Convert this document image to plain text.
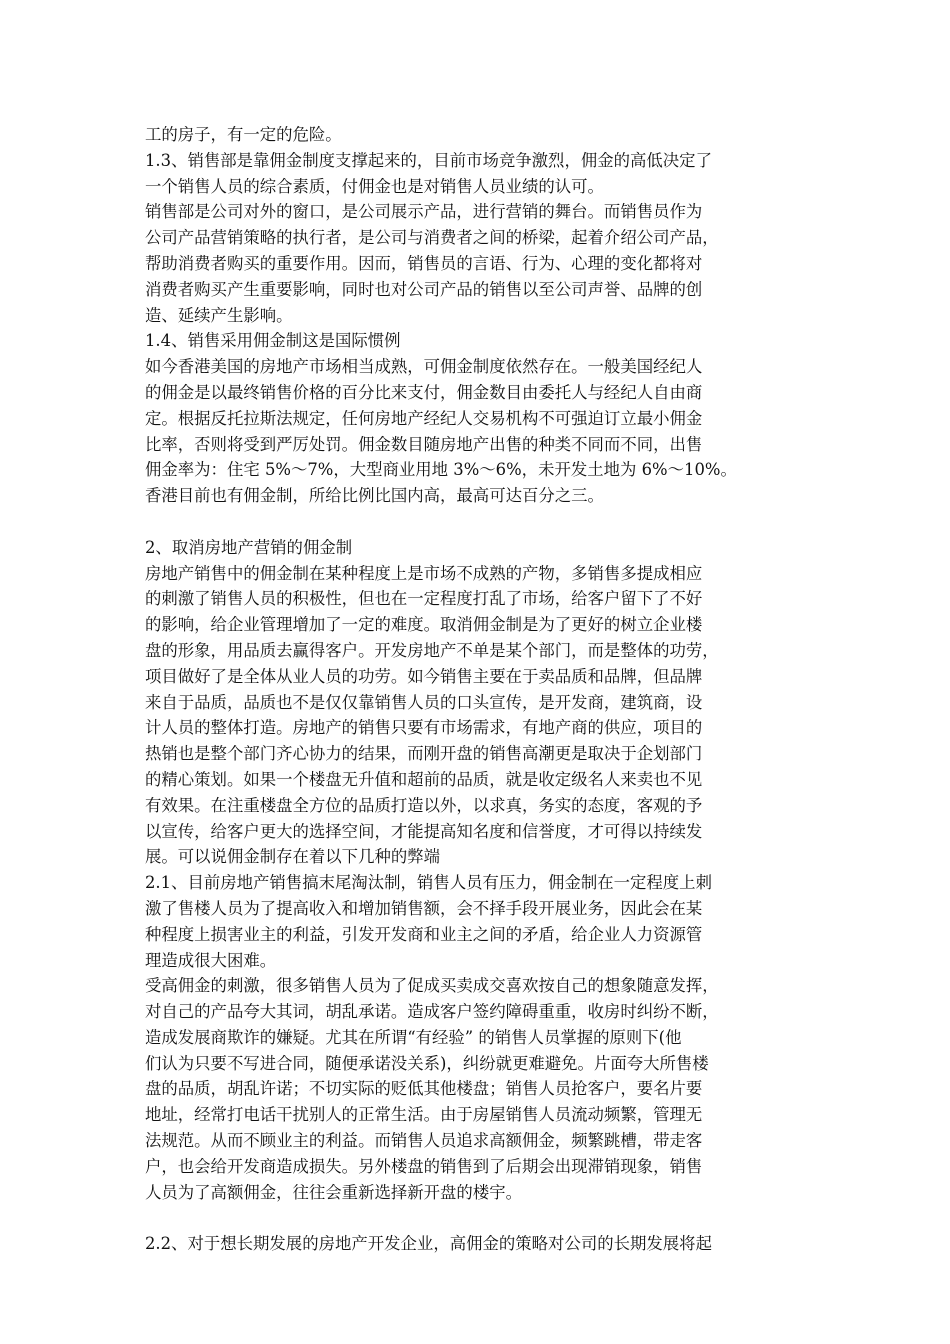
工的房子，有一定的危险。
1.3、销售部是靠佣金制度支撑起来的，目前市场竞争激烈，佣金的高低决定了
一个销售人员的综合素质，付佣金也是对销售人员业绩的认可。
销售部是公司对外的窗口，是公司展示产品，进行营销的舞台。而销售员作为
公司产品营销策略的执行者，是公司与消费者之间的桥梁，起着介绍公司产品，
帮助消费者购买的重要作用。因而，销售员的言语、行为、心理的变化都将对
消费者购买产生重要影响，同时也对公司产品的销售以至公司声誉、品牌的创
造、延续产生影响。
1.4、销售采用佣金制这是国际惯例
如今香港美国的房地产市场相当成熟，可佣金制度依然存在。一般美国经纪人
的佣金是以最终销售价格的百分比来支付，佣金数目由委托人与经纪人自由商
定。根据反托拉斯法规定，任何房地产经纪人交易机构不可强迫订立最小佣金
比率，否则将受到严厉处罚。佣金数目随房地产出售的种类不同而不同，出售
佣金率为：住宅 5%～7%，大型商业用地 3%～6%，未开发土地为 6%～10%。
香港目前也有佣金制，所给比例比国内高，最高可达百分之三。
2、取消房地产营销的佣金制
房地产销售中的佣金制在某种程度上是市场不成熟的产物，多销售多提成相应
的刺激了销售人员的积极性，但也在一定程度打乱了市场，给客户留下了不好
的影响，给企业管理增加了一定的难度。取消佣金制是为了更好的树立企业楼
盘的形象，用品质去赢得客户。开发房地产不单是某个部门，而是整体的功劳，
项目做好了是全体从业人员的功劳。如今销售主要在于卖品质和品牌，但品牌
来自于品质，品质也不是仅仅靠销售人员的口头宣传，是开发商，建筑商，设
计人员的整体打造。房地产的销售只要有市场需求，有地产商的供应，项目的
热销也是整个部门齐心协力的结果，而刚开盘的销售高潮更是取决于企划部门
的精心策划。如果一个楼盘无升值和超前的品质，就是收定级名人来卖也不见
有效果。在注重楼盘全方位的品质打造以外，以求真，务实的态度，客观的予
以宣传，给客户更大的选择空间，才能提高知名度和信誉度，才可得以持续发
展。可以说佣金制存在着以下几种的弊端
2.1、目前房地产销售搞末尾淘汰制，销售人员有压力，佣金制在一定程度上刺
激了售楼人员为了提高收入和增加销售额，会不择手段开展业务，因此会在某
种程度上损害业主的利益，引发开发商和业主之间的矛盾，给企业人力资源管
理造成很大困难。
受高佣金的刺激，很多销售人员为了促成买卖成交喜欢按自己的想象随意发挥，
对自己的产品夸大其词，胡乱承诺。造成客户签约障碍重重，收房时纠纷不断，
造成发展商欺诈的嫌疑。尤其在所谓“有经验” 的销售人员掌握的原则下(他
们认为只要不写进合同，随便承诺没关系)，纠纷就更难避免。片面夸大所售楼
盘的品质，胡乱许诺；不切实际的贬低其他楼盘；销售人员抢客户，要名片要
地址，经常打电话干扰别人的正常生活。由于房屋销售人员流动频繁，管理无
法规范。从而不顾业主的利益。而销售人员追求高额佣金，频繁跳槽，带走客
户，也会给开发商造成损失。另外楼盘的销售到了后期会出现滞销现象，销售
人员为了高额佣金，往往会重新选择新开盘的楼宇。
2.2、对于想长期发展的房地产开发企业，高佣金的策略对公司的长期发展将起
